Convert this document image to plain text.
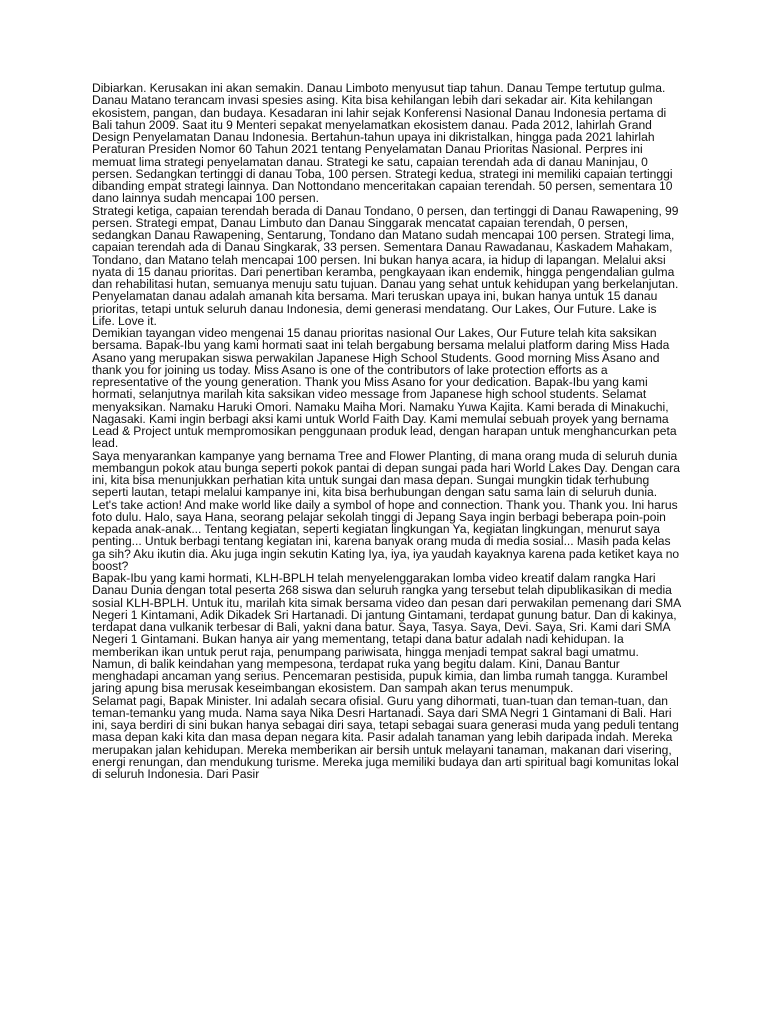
Dibiarkan. Kerusakan ini akan semakin. Danau Limboto menyusut tiap tahun. Danau Tempe tertutup gulma. Danau Matano terancam invasi spesies asing. Kita bisa kehilangan lebih dari sekadar air. Kita kehilangan ekosistem, pangan, dan budaya. Kesadaran ini lahir sejak Konferensi Nasional Danau Indonesia pertama di Bali tahun 2009. Saat itu 9 Menteri sepakat menyelamatkan ekosistem danau. Pada 2012, lahirlah Grand Design Penyelamatan Danau Indonesia. Bertahun-tahun upaya ini dikristalkan, hingga pada 2021 lahirlah Peraturan Presiden Nomor 60 Tahun 2021 tentang Penyelamatan Danau Prioritas Nasional. Perpres ini memuat lima strategi penyelamatan danau. Strategi ke satu, capaian terendah ada di danau Maninjau, 0 persen. Sedangkan tertinggi di danau Toba, 100 persen. Strategi kedua, strategi ini memiliki capaian tertinggi dibanding empat strategi lainnya. Dan Nottondano menceritakan capaian terendah. 50 persen, sementara 10 dano lainnya sudah mencapai 100 persen.

Strategi ketiga, capaian terendah berada di Danau Tondano, 0 persen, dan tertinggi di Danau Rawapening, 99 persen. Strategi empat, Danau Limbuto dan Danau Singgarak mencatat capaian terendah, 0 persen, sedangkan Danau Rawapening, Sentarung, Tondano dan Matano sudah mencapai 100 persen. Strategi lima, capaian terendah ada di Danau Singkarak, 33 persen. Sementara Danau Rawadanau, Kaskadem Mahakam, Tondano, dan Matano telah mencapai 100 persen. Ini bukan hanya acara, ia hidup di lapangan. Melalui aksi nyata di 15 danau prioritas. Dari penertiban keramba, pengkayaan ikan endemik, hingga pengendalian gulma dan rehabilitasi hutan, semuanya menuju satu tujuan. Danau yang sehat untuk kehidupan yang berkelanjutan. Penyelamatan danau adalah amanah kita bersama. Mari teruskan upaya ini, bukan hanya untuk 15 danau prioritas, tetapi untuk seluruh danau Indonesia, demi generasi mendatang. Our Lakes, Our Future. Lake is Life. Love it.

Demikian tayangan video mengenai 15 danau prioritas nasional Our Lakes, Our Future telah kita saksikan bersama. Bapak-Ibu yang kami hormati saat ini telah bergabung bersama melalui platform daring Miss Hada Asano yang merupakan siswa perwakilan Japanese High School Students. Good morning Miss Asano and thank you for joining us today. Miss Asano is one of the contributors of lake protection efforts as a representative of the young generation. Thank you Miss Asano for your dedication. Bapak-Ibu yang kami hormati, selanjutnya marilah kita saksikan video message from Japanese high school students. Selamat menyaksikan. Namaku Haruki Omori. Namaku Maiha Mori. Namaku Yuwa Kajita. Kami berada di Minakuchi, Nagasaki. Kami ingin berbagi aksi kami untuk World Faith Day. Kami memulai sebuah proyek yang bernama Lead & Project untuk mempromosikan penggunaan produk lead, dengan harapan untuk menghancurkan peta lead.

Saya menyarankan kampanye yang bernama Tree and Flower Planting, di mana orang muda di seluruh dunia membangun pokok atau bunga seperti pokok pantai di depan sungai pada hari World Lakes Day. Dengan cara ini, kita bisa menunjukkan perhatian kita untuk sungai dan masa depan. Sungai mungkin tidak terhubung seperti lautan, tetapi melalui kampanye ini, kita bisa berhubungan dengan satu sama lain di seluruh dunia. Let's take action! And make world like daily a symbol of hope and connection. Thank you. Thank you. Ini harus foto dulu. Halo, saya Hana, seorang pelajar sekolah tinggi di Jepang Saya ingin berbagi beberapa poin-poin kepada anak-anak... Tentang kegiatan, seperti kegiatan lingkungan Ya, kegiatan lingkungan, menurut saya penting... Untuk berbagi tentang kegiatan ini, karena banyak orang muda di media sosial... Masih pada kelas ga sih? Aku ikutin dia. Aku juga ingin sekutin Kating Iya, iya, iya yaudah kayaknya karena pada ketiket kaya no boost?

Bapak-Ibu yang kami hormati, KLH-BPLH telah menyelenggarakan lomba video kreatif dalam rangka Hari Danau Dunia dengan total peserta 268 siswa dan seluruh rangka yang tersebut telah dipublikasikan di media sosial KLH-BPLH. Untuk itu, marilah kita simak bersama video dan pesan dari perwakilan pemenang dari SMA Negeri 1 Kintamani, Adik Dikadek Sri Hartanadi. Di jantung Gintamani, terdapat gunung batur. Dan di kakinya, terdapat dana vulkanik terbesar di Bali, yakni dana batur. Saya, Tasya. Saya, Devi. Saya, Sri. Kami dari SMA Negeri 1 Gintamani. Bukan hanya air yang mementang, tetapi dana batur adalah nadi kehidupan. Ia memberikan ikan untuk perut raja, penumpang pariwisata, hingga menjadi tempat sakral bagi umatmu. Namun, di balik keindahan yang mempesona, terdapat ruka yang begitu dalam. Kini, Danau Bantur menghadapi ancaman yang serius. Pencemaran pestisida, pupuk kimia, dan limba rumah tangga. Kurambel jaring apung bisa merusak keseimbangan ekosistem. Dan sampah akan terus menumpuk.

Selamat pagi, Bapak Minister. Ini adalah secara ofisial. Guru yang dihormati, tuan-tuan dan teman-tuan, dan teman-temanku yang muda. Nama saya Nika Desri Hartanadi. Saya dari SMA Negri 1 Gintamani di Bali. Hari ini, saya berdiri di sini bukan hanya sebagai diri saya, tetapi sebagai suara generasi muda yang peduli tentang masa depan kaki kita dan masa depan negara kita. Pasir adalah tanaman yang lebih daripada indah. Mereka merupakan jalan kehidupan. Mereka memberikan air bersih untuk melayani tanaman, makanan dari visering, energi renungan, dan mendukung turisme. Mereka juga memiliki budaya dan arti spiritual bagi komunitas lokal di seluruh Indonesia. Dari Pasir
